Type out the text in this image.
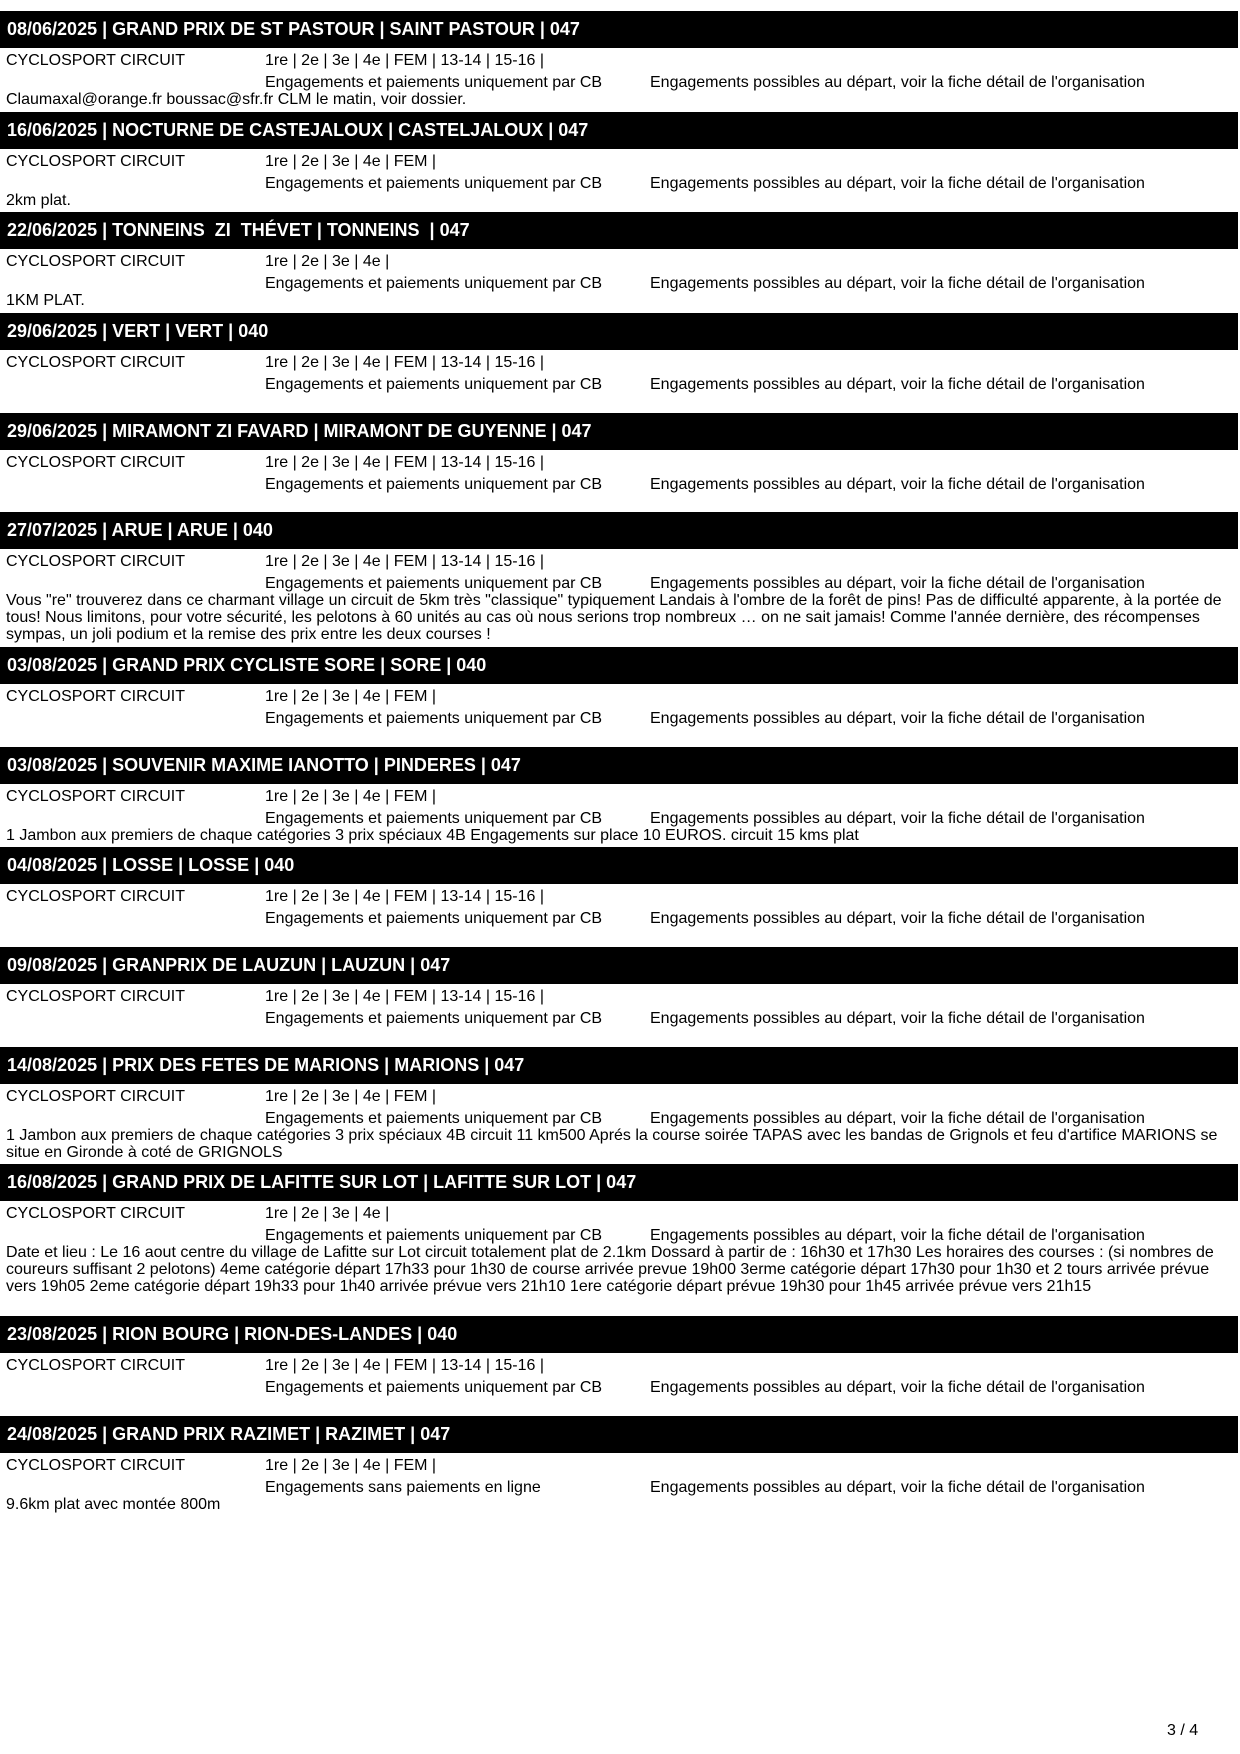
08/06/2025 | GRAND PRIX DE ST PASTOUR | SAINT PASTOUR | 047
CYCLOSPORT CIRCUIT	1re | 2e | 3e | 4e | FEM | 13-14 | 15-16 |
Engagements et paiements uniquement par CB	Engagements possibles au départ, voir la fiche détail de l'organisation
Claumaxal@orange.fr boussac@sfr.fr CLM le matin, voir dossier.
16/06/2025 | NOCTURNE DE CASTEJALOUX | CASTELJALOUX | 047
CYCLOSPORT CIRCUIT	1re | 2e | 3e | 4e | FEM |
Engagements et paiements uniquement par CB	Engagements possibles au départ, voir la fiche détail de l'organisation
2km plat.
22/06/2025 | TONNEINS  ZI  THÉVET | TONNEINS  | 047
CYCLOSPORT CIRCUIT	1re | 2e | 3e | 4e |
Engagements et paiements uniquement par CB	Engagements possibles au départ, voir la fiche détail de l'organisation
1KM PLAT.
29/06/2025 | VERT | VERT | 040
CYCLOSPORT CIRCUIT	1re | 2e | 3e | 4e | FEM | 13-14 | 15-16 |
Engagements et paiements uniquement par CB	Engagements possibles au départ, voir la fiche détail de l'organisation
29/06/2025 | MIRAMONT ZI FAVARD | MIRAMONT DE GUYENNE | 047
CYCLOSPORT CIRCUIT	1re | 2e | 3e | 4e | FEM | 13-14 | 15-16 |
Engagements et paiements uniquement par CB	Engagements possibles au départ, voir la fiche détail de l'organisation
27/07/2025 | ARUE | ARUE | 040
CYCLOSPORT CIRCUIT	1re | 2e | 3e | 4e | FEM | 13-14 | 15-16 |
Engagements et paiements uniquement par CB	Engagements possibles au départ, voir la fiche détail de l'organisation
Vous "re" trouverez dans ce charmant village un circuit de 5km très "classique" typiquement Landais à l'ombre de la forêt de pins! Pas de difficulté apparente, à la portée de tous! Nous limitons, pour votre sécurité, les pelotons à 60 unités au cas où nous serions trop nombreux … on ne sait jamais! Comme l'année dernière, des récompenses sympas, un joli podium et la remise des prix entre les deux courses !
03/08/2025 | GRAND PRIX CYCLISTE SORE | SORE | 040
CYCLOSPORT CIRCUIT	1re | 2e | 3e | 4e | FEM |
Engagements et paiements uniquement par CB	Engagements possibles au départ, voir la fiche détail de l'organisation
03/08/2025 | SOUVENIR MAXIME IANOTTO | PINDERES | 047
CYCLOSPORT CIRCUIT	1re | 2e | 3e | 4e | FEM |
Engagements et paiements uniquement par CB	Engagements possibles au départ, voir la fiche détail de l'organisation
1 Jambon aux premiers de chaque catégories 3 prix spéciaux 4B Engagements sur place 10 EUROS. circuit 15 kms plat
04/08/2025 | LOSSE | LOSSE | 040
CYCLOSPORT CIRCUIT	1re | 2e | 3e | 4e | FEM | 13-14 | 15-16 |
Engagements et paiements uniquement par CB	Engagements possibles au départ, voir la fiche détail de l'organisation
09/08/2025 | GRANPRIX DE LAUZUN | LAUZUN | 047
CYCLOSPORT CIRCUIT	1re | 2e | 3e | 4e | FEM | 13-14 | 15-16 |
Engagements et paiements uniquement par CB	Engagements possibles au départ, voir la fiche détail de l'organisation
14/08/2025 | PRIX DES FETES DE MARIONS | MARIONS | 047
CYCLOSPORT CIRCUIT	1re | 2e | 3e | 4e | FEM |
Engagements et paiements uniquement par CB	Engagements possibles au départ, voir la fiche détail de l'organisation
1 Jambon aux premiers de chaque catégories 3 prix spéciaux 4B circuit 11 km500 Aprés la course soirée TAPAS avec les bandas de Grignols et feu d'artifice MARIONS se situe en Gironde à coté de GRIGNOLS
16/08/2025 | GRAND PRIX DE LAFITTE SUR LOT | LAFITTE SUR LOT | 047
CYCLOSPORT CIRCUIT	1re | 2e | 3e | 4e |
Engagements et paiements uniquement par CB	Engagements possibles au départ, voir la fiche détail de l'organisation
Date et lieu : Le 16 aout centre du village de Lafitte sur Lot circuit totalement plat de 2.1km Dossard à partir de : 16h30 et 17h30 Les horaires des courses : (si nombres de coureurs suffisant 2 pelotons) 4eme catégorie départ 17h33 pour 1h30 de course arrivée prevue 19h00 3erme catégorie départ 17h30 pour 1h30 et 2 tours arrivée prévue vers 19h05 2eme catégorie départ 19h33 pour 1h40 arrivée prévue vers 21h10 1ere catégorie départ prévue 19h30 pour 1h45 arrivée prévue vers 21h15
23/08/2025 | RION BOURG | RION-DES-LANDES | 040
CYCLOSPORT CIRCUIT	1re | 2e | 3e | 4e | FEM | 13-14 | 15-16 |
Engagements et paiements uniquement par CB	Engagements possibles au départ, voir la fiche détail de l'organisation
24/08/2025 | GRAND PRIX RAZIMET | RAZIMET | 047
CYCLOSPORT CIRCUIT	1re | 2e | 3e | 4e | FEM |
Engagements sans paiements en ligne	Engagements possibles au départ, voir la fiche détail de l'organisation
9.6km plat avec montée 800m
3 / 4
